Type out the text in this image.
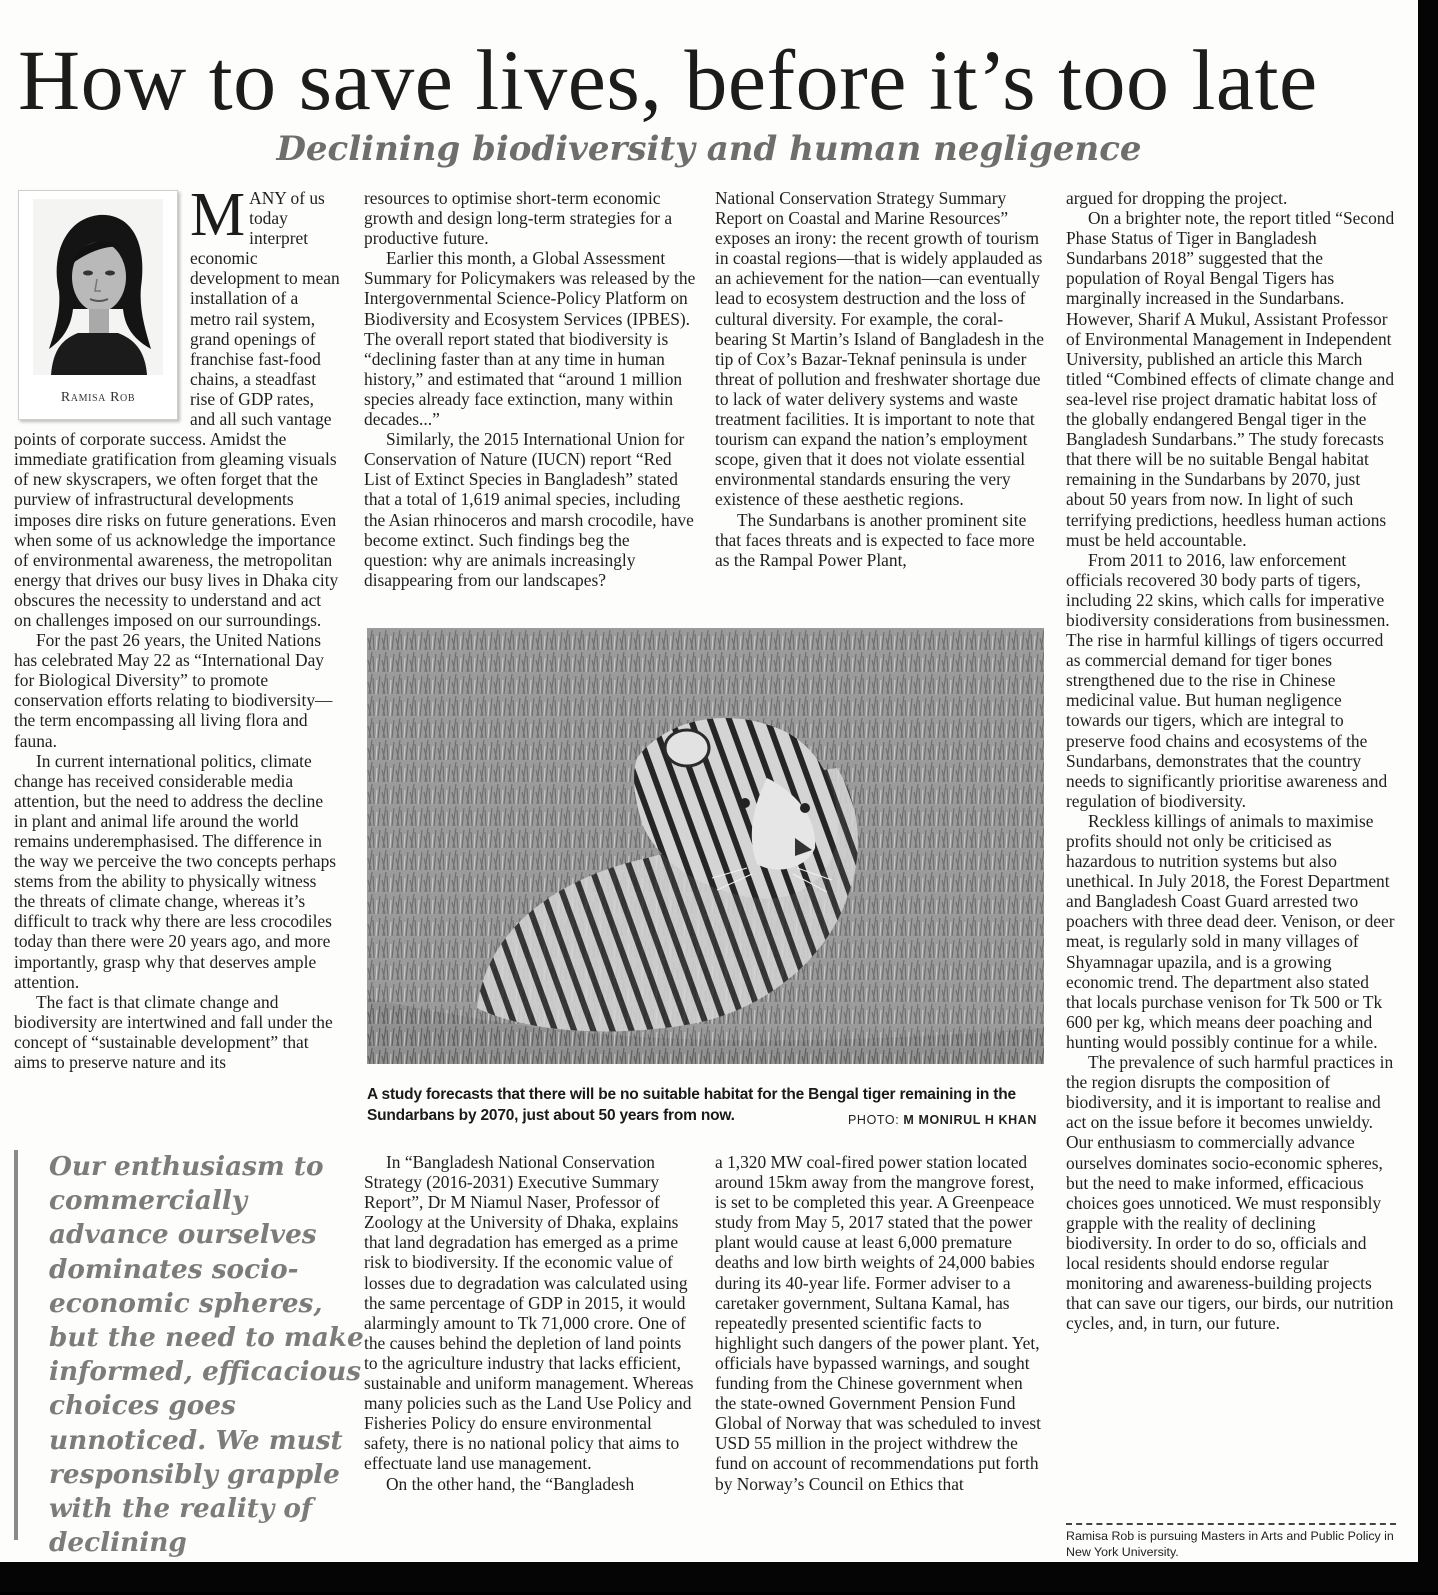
How to save lives, before it’s too late
Declining biodiversity and human negligence
Ramisa Rob
M ANY of us today interpret economic development to mean installation of a metro rail system, grand openings of franchise fast-food chains, a steadfast rise of GDP rates, and all such vantage points of corporate success. Amidst the immediate gratification from gleaming visuals of new skyscrapers, we often forget that the purview of infrastructural developments imposes dire risks on future generations. Even when some of us acknowledge the importance of environmental awareness, the metropolitan energy that drives our busy lives in Dhaka city obscures the necessity to understand and act on challenges imposed on our surroundings.

For the past 26 years, the United Nations has celebrated May 22 as “International Day for Biological Diversity” to promote conservation efforts relating to biodiversity—the term encompassing all living flora and fauna.

In current international politics, climate change has received considerable media attention, but the need to address the decline in plant and animal life around the world remains underemphasised. The difference in the way we perceive the two concepts perhaps stems from the ability to physically witness the threats of climate change, whereas it’s difficult to track why there are less crocodiles today than there were 20 years ago, and more importantly, grasp why that deserves ample attention.

The fact is that climate change and biodiversity are intertwined and fall under the concept of “sustainable development” that aims to preserve nature and its

resources to optimise short-term economic growth and design long-term strategies for a productive future.

Earlier this month, a Global Assessment Summary for Policymakers was released by the Intergovernmental Science-Policy Platform on Biodiversity and Ecosystem Services (IPBES). The overall report stated that biodiversity is “declining faster than at any time in human history,” and estimated that “around 1 million species already face extinction, many within decades...”

Similarly, the 2015 International Union for Conservation of Nature (IUCN) report “Red List of Extinct Species in Bangladesh” stated that a total of 1,619 animal species, including the Asian rhinoceros and marsh crocodile, have become extinct. Such findings beg the question: why are animals increasingly disappearing from our landscapes?

National Conservation Strategy Summary Report on Coastal and Marine Resources” exposes an irony: the recent growth of tourism in coastal regions—that is widely applauded as an achievement for the nation—can eventually lead to ecosystem destruction and the loss of cultural diversity. For example, the coral-bearing St Martin’s Island of Bangladesh in the tip of Cox’s Bazar-Teknaf peninsula is under threat of pollution and freshwater shortage due to lack of water delivery systems and waste treatment facilities. It is important to note that tourism can expand the nation’s employment scope, given that it does not violate essential environmental standards ensuring the very existence of these aesthetic regions.

The Sundarbans is another prominent site that faces threats and is expected to face more as the Rampal Power Plant,

argued for dropping the project.

On a brighter note, the report titled “Second Phase Status of Tiger in Bangladesh Sundarbans 2018” suggested that the population of Royal Bengal Tigers has marginally increased in the Sundarbans. However, Sharif A Mukul, Assistant Professor of Environmental Management in Independent University, published an article this March titled “Combined effects of climate change and sea-level rise project dramatic habitat loss of the globally endangered Bengal tiger in the Bangladesh Sundarbans.” The study forecasts that there will be no suitable Bengal habitat remaining in the Sundarbans by 2070, just about 50 years from now. In light of such terrifying predictions, heedless human actions must be held accountable.

From 2011 to 2016, law enforcement officials recovered 30 body parts of tigers, including 22 skins, which calls for imperative biodiversity considerations from businessmen. The rise in harmful killings of tigers occurred as commercial demand for tiger bones strengthened due to the rise in Chinese medicinal value. But human negligence towards our tigers, which are integral to preserve food chains and ecosystems of the Sundarbans, demonstrates that the country needs to significantly prioritise awareness and regulation of biodiversity.

Reckless killings of animals to maximise profits should not only be criticised as hazardous to nutrition systems but also unethical. In July 2018, the Forest Department and Bangladesh Coast Guard arrested two poachers with three dead deer. Venison, or deer meat, is regularly sold in many villages of Shyamnagar upazila, and is a growing economic trend. The department also stated that locals purchase venison for Tk 500 or Tk 600 per kg, which means deer poaching and hunting would possibly continue for a while.

The prevalence of such harmful practices in the region disrupts the composition of biodiversity, and it is important to realise and act on the issue before it becomes unwieldy. Our enthusiasm to commercially advance ourselves dominates socio-economic spheres, but the need to make informed, efficacious choices goes unnoticed. We must responsibly grapple with the reality of declining biodiversity. In order to do so, officials and local residents should endorse regular monitoring and awareness-building projects that can save our tigers, our birds, our nutrition cycles, and, in turn, our future.

A study forecasts that there will be no suitable habitat for the Bengal tiger remaining in the Sundarbans by 2070, just about 50 years from now.	PHOTO: M MONIRUL H KHAN

Our enthusiasm to commercially advance ourselves dominates socio-economic spheres, but the need to make informed, efficacious choices goes unnoticed. We must responsibly grapple with the reality of declining

In “Bangladesh National Conservation Strategy (2016-2031) Executive Summary Report”, Dr M Niamul Naser, Professor of Zoology at the University of Dhaka, explains that land degradation has emerged as a prime risk to biodiversity. If the economic value of losses due to degradation was calculated using the same percentage of GDP in 2015, it would alarmingly amount to Tk 71,000 crore. One of the causes behind the depletion of land points to the agriculture industry that lacks efficient, sustainable and uniform management. Whereas many policies such as the Land Use Policy and Fisheries Policy do ensure environmental safety, there is no national policy that aims to effectuate land use management.

On the other hand, the “Bangladesh

a 1,320 MW coal-fired power station located around 15km away from the mangrove forest, is set to be completed this year. A Greenpeace study from May 5, 2017 stated that the power plant would cause at least 6,000 premature deaths and low birth weights of 24,000 babies during its 40-year life. Former adviser to a caretaker government, Sultana Kamal, has repeatedly presented scientific facts to highlight such dangers of the power plant. Yet, officials have bypassed warnings, and sought funding from the Chinese government when the state-owned Government Pension Fund Global of Norway that was scheduled to invest USD 55 million in the project withdrew the fund on account of recommendations put forth by Norway’s Council on Ethics that

Ramisa Rob is pursuing Masters in Arts and Public Policy in New York University.
